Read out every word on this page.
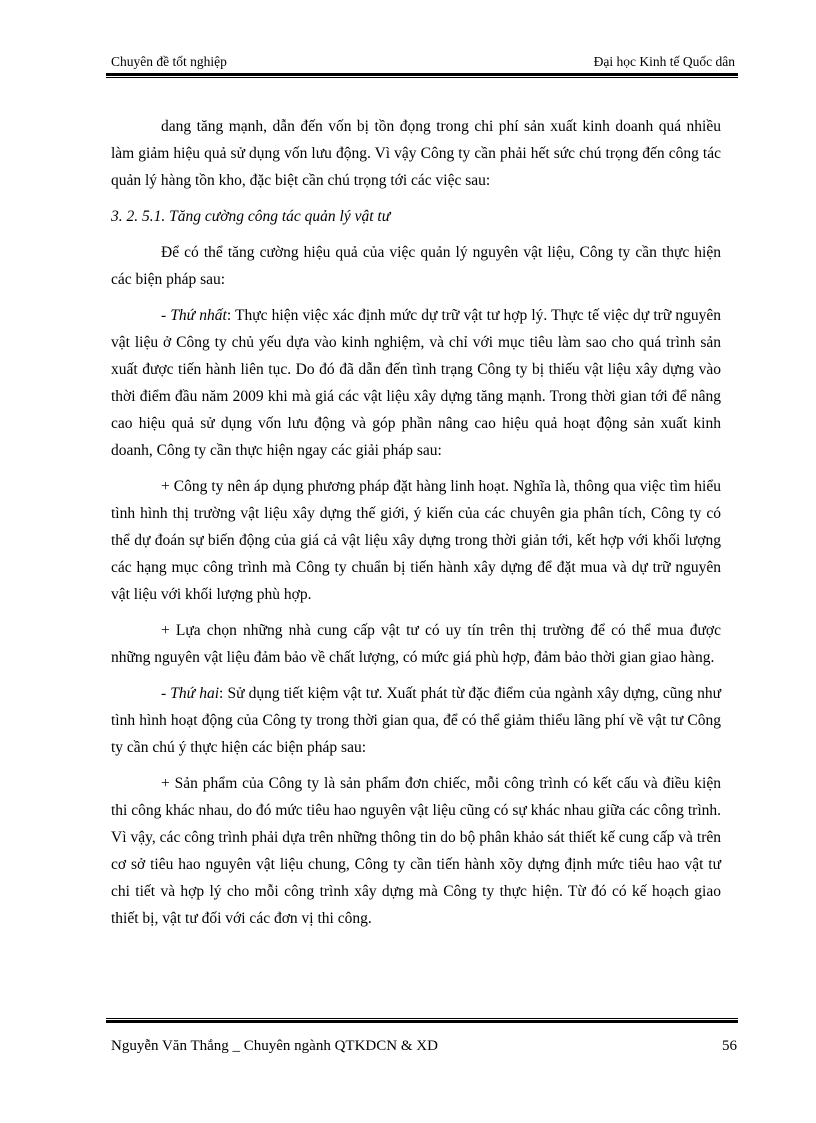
Chuyên đề tốt nghiệp	Đại học Kinh tế Quốc dân

dang tăng mạnh, dẫn đến vốn bị tồn đọng trong chi phí sản xuất kinh doanh quá nhiều làm giảm hiệu quả sử dụng vốn lưu động. Vì vậy Công ty cần phải hết sức chú trọng đến công tác quản lý hàng tồn kho, đặc biệt cần chú trọng tới các việc sau:

3. 2. 5.1. Tăng cường công tác quản lý vật tư

Để có thể tăng cường hiệu quả của việc quản lý nguyên vật liệu, Công ty cần thực hiện các biện pháp sau:

- Thứ nhất: Thực hiện việc xác định mức dự trữ vật tư hợp lý. Thực tế việc dự trữ nguyên vật liệu ở Công ty chủ yếu dựa vào kinh nghiệm, và chỉ với mục tiêu làm sao cho quá trình sản xuất được tiến hành liên tục. Do đó đã dẫn đến tình trạng Công ty bị thiếu vật liệu xây dựng vào thời điểm đầu năm 2009 khi mà giá các vật liệu xây dựng tăng mạnh. Trong thời gian tới để nâng cao hiệu quả sử dụng vốn lưu động và góp phần nâng cao hiệu quả hoạt động sản xuất kinh doanh, Công ty cần thực hiện ngay các giải pháp sau:

+ Công ty nên áp dụng phương pháp đặt hàng linh hoạt. Nghĩa là, thông qua việc tìm hiểu tình hình thị trường vật liệu xây dựng thế giới, ý kiến của các chuyên gia phân tích, Công ty có thể dự đoán sự biến động của giá cả vật liệu xây dựng trong thời giản tới, kết hợp với khối lượng các hạng mục công trình mà Công ty chuẩn bị tiến hành xây dựng để đặt mua và dự trữ nguyên vật liệu với khối lượng phù hợp.

+ Lựa chọn những nhà cung cấp vật tư có uy tín trên thị trường để có thể mua được những nguyên vật liệu đảm bảo về chất lượng, có mức giá phù hợp, đảm bảo thời gian giao hàng.

- Thứ hai: Sử dụng tiết kiệm vật tư. Xuất phát từ đặc điểm của ngành xây dựng, cũng như tình hình hoạt động của Công ty trong thời gian qua, để có thể giảm thiểu lãng phí về vật tư Công ty cần chú ý thực hiện các biện pháp sau:

+ Sản phẩm của Công ty là sản phẩm đơn chiếc, mỗi công trình có kết cấu và điều kiện thi công khác nhau, do đó mức tiêu hao nguyên vật liệu cũng có sự khác nhau giữa các công trình. Vì vậy, các công trình phải dựa trên những thông tin do bộ phân khảo sát thiết kế cung cấp và trên cơ sở tiêu hao nguyên vật liệu chung, Công ty cần tiến hành xõy dựng định mức tiêu hao vật tư chi tiết và hợp lý cho mỗi công trình xây dựng mà Công ty thực hiện. Từ đó có kế hoạch giao thiết bị, vật tư đối với các đơn vị thi công.

Nguyễn Văn Thắng _ Chuyên ngành QTKDCN & XD	56
